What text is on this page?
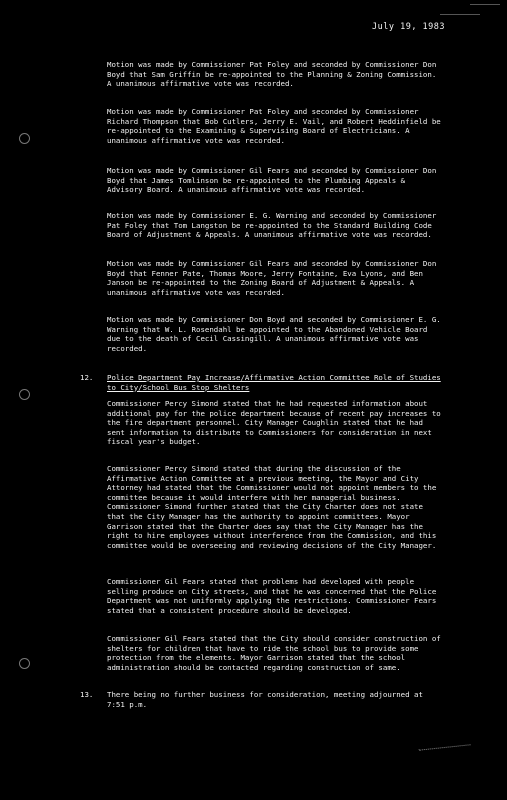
July 19, 1983

Motion was made by Commissioner Pat Foley and seconded by Commissioner Don Boyd that Sam Griffin be re-appointed to the Planning & Zoning Commission. A unanimous affirmative vote was recorded.

Motion was made by Commissioner Pat Foley and seconded by Commissioner Richard Thompson that Bob Cutlers, Jerry E. Vail, and Robert Heddinfield be re-appointed to the Examining & Supervising Board of Electricians. A unanimous affirmative vote was recorded.

Motion was made by Commissioner Gil Fears and seconded by Commissioner Don Boyd that James Tomlinson be re-appointed to the Plumbing Appeals & Advisory Board. A unanimous affirmative vote was recorded.

Motion was made by Commissioner E. G. Warning and seconded by Commissioner Pat Foley that Tom Langston be re-appointed to the Standard Building Code Board of Adjustment & Appeals. A unanimous affirmative vote was recorded.

Motion was made by Commissioner Gil Fears and seconded by Commissioner Don Boyd that Fenner Pate, Thomas Moore, Jerry Fontaine, Eva Lyons, and Ben Janson be re-appointed to the Zoning Board of Adjustment & Appeals. A unanimous affirmative vote was recorded.

Motion was made by Commissioner Don Boyd and seconded by Commissioner E. G. Warning that W. L. Rosendahl be appointed to the Abandoned Vehicle Board due to the death of Cecil Cassingill. A unanimous affirmative vote was recorded.

12. Police Department Pay Increase/Affirmative Action Committee Role of Studies to City/School Bus Stop Shelters

Commissioner Percy Simond stated that he had requested information about additional pay for the police department because of recent pay increases to the fire department personnel. City Manager Coughlin stated that he had sent information to distribute to Commissioners for consideration in next fiscal year's budget.

Commissioner Percy Simond stated that during the discussion of the Affirmative Action Committee at a previous meeting, the Mayor and City Attorney had stated that the Commissioner would not appoint members to the committee because it would interfere with her managerial business. Commissioner Simond further stated that the City Charter does not state that the City Manager has the authority to appoint committees. Mayor Garrison stated that the Charter does say that the City Manager has the right to hire employees without interference from the Commission, and this committee would be overseeing and reviewing decisions of the City Manager.

Commissioner Gil Fears stated that problems had developed with people selling produce on City streets, and that he was concerned that the Police Department was not uniformly applying the restrictions. Commissioner Fears stated that a consistent procedure should be developed.

Commissioner Gil Fears stated that the City should consider construction of shelters for children that have to ride the school bus to provide some protection from the elements. Mayor Garrison stated that the school administration should be contacted regarding construction of same.

13. There being no further business for consideration, meeting adjourned at 7:51 p.m.
